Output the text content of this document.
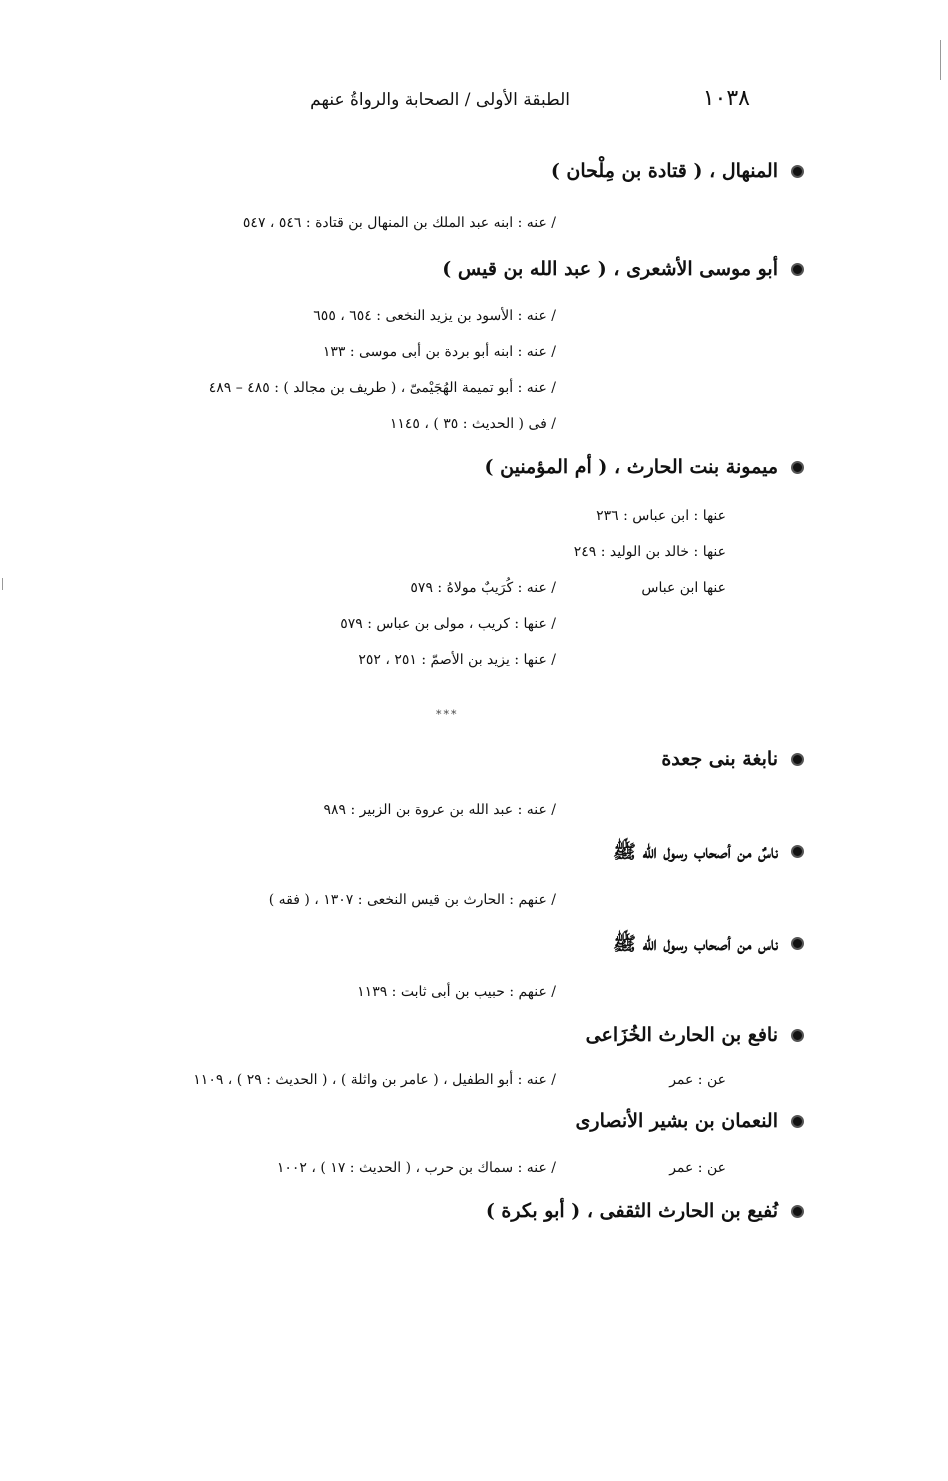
١٠٣٨
الطبقة الأولى / الصحابة والرواةُ عنهم
المنهال ، ( قتادة بن مِلْحان )
/ عنه : ابنه عبد الملك بن المنهال بن قتادة : ٥٤٦ ، ٥٤٧
أبو موسى الأشعرى ، ( عبد الله بن قيس )
/ عنه : الأسود بن يزيد النخعى : ٦٥٤ ، ٦٥٥
/ عنه : ابنه أبو بردة بن أبى موسى : ١٣٣
/ عنه : أبو تميمة الهُجَيْمىّ ، ( طريف بن مجالد ) : ٤٨٥ – ٤٨٩
/ فى ( الحديث : ٣٥ ) ، ١١٤٥
ميمونة بنت الحارث ، ( أم المؤمنين )
عنها : ابن عباس : ٢٣٦
عنها : خالد بن الوليد : ٢٤٩
عنها ابن عباس
/ عنه : كُرَيبٌ مولاهُ : ٥٧٩
/ عنها : كريب ، مولى بن عباس : ٥٧٩
/ عنها : يزيد بن الأصمّ : ٢٥١ ، ٢٥٢
***
نابغة بنى جعدة
/ عنه : عبد الله بن عروة بن الزبير : ٩٨٩
ناسٌ من أصحاب رسول الله ﷺ
/ عنهم : الحارث بن قيس النخعى : ١٣٠٧ ، ( فقه )
ناس من أصحاب رسول الله ﷺ
/ عنهم : حبيب بن أبى ثابت : ١١٣٩
نافع بن الحارث الخُزَاعى
عن : عمر
/ عنه : أبو الطفيل ، ( عامر بن واثلة ) ، ( الحديث : ٢٩ ) ، ١١٠٩
النعمان بن بشير الأنصارى
عن : عمر
/ عنه : سماك بن حرب ، ( الحديث : ١٧ ) ، ١٠٠٢
نُفيع بن الحارث الثقفى ، ( أبو بكرة )
